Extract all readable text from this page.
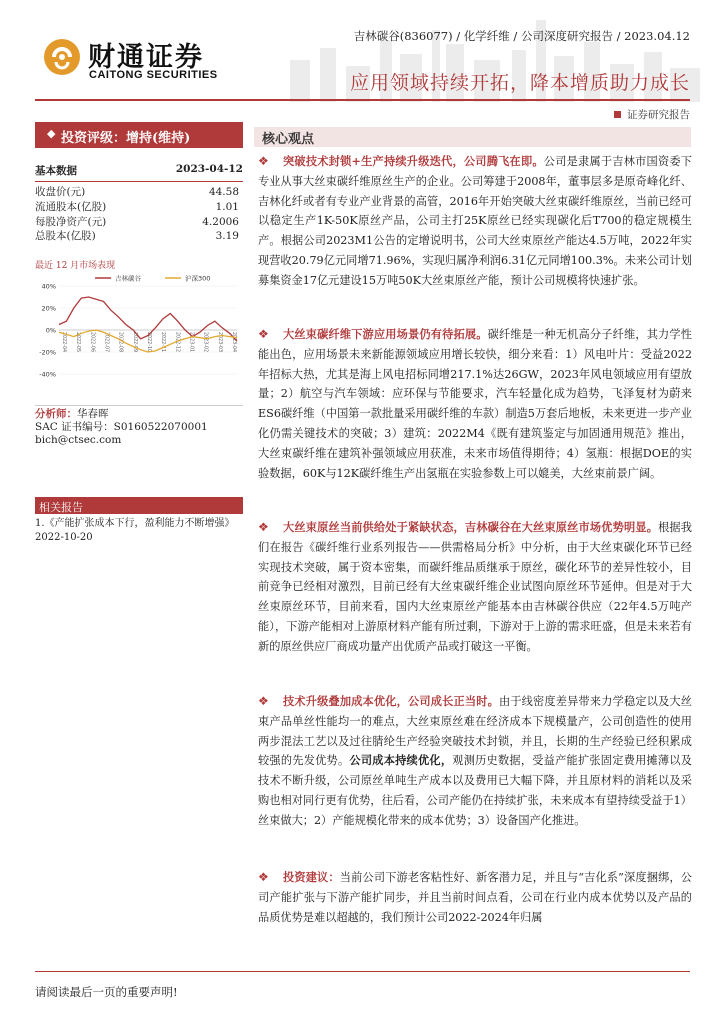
财通证券
CAITONG SECURITIES
吉林碳谷(836077) / 化学纤维 / 公司深度研究报告 / 2023.04.12
应用领域持续开拓，降本增质助力成长
证券研究报告
◆ 投资评级：增持(维持)
基本数据	2023-04-12
收盘价(元)	44.58
流通股本(亿股)	1.01
每股净资产(元)	4.2006
总股本(亿股)	3.19
最近 12 月市场表现
40%
20%
0%
-20%
-40%
2022-04 2022-05 2022-06 2022-07 2022-08 2022-09 2022-10 2022-11 2022-12 2023-01 2023-02 2023-03 2023-04
吉林碳谷	沪深300
分析师：华春晖
SAC 证书编号：S0160522070001
bich@ctsec.com
相关报告
1.《产能扩张成本下行，盈利能力不断增强》 2022-10-20
核心观点
❖	突破技术封锁+生产持续升级迭代，公司腾飞在即。公司是隶属于吉林市国资委下专业从事大丝束碳纤维原丝生产的企业。公司筹建于2008年，董事层多是原奇峰化纤、吉林化纤或者有专业产业背景的高管，2016年开始突破大丝束碳纤维原丝，当前已经可以稳定生产1K-50K原丝产品，公司主打25K原丝已经实现碳化后T700的稳定规模生产。根据公司2023M1公告的定增说明书，公司大丝束原丝产能达4.5万吨，2022年实现营收20.79亿元同增71.96%，实现归属净利润6.31亿元同增100.3%。未来公司计划募集资金17亿元建设15万吨50K大丝束原丝产能，预计公司规模将快速扩张。
❖	大丝束碳纤维下游应用场景仍有待拓展。碳纤维是一种无机高分子纤维，其力学性能出色，应用场景未来新能源领域应用增长较快，细分来看：1）风电叶片：受益2022年招标大热，尤其是海上风电招标同增217.1%达26GW，2023年风电领域应用有望放量；2）航空与汽车领域：应环保与节能要求，汽车轻量化成为趋势，飞泽复材为蔚来ES6碳纤维（中国第一款批量采用碳纤维的车款）制造5万套后地板，未来更进一步产业化仍需关键技术的突破；3）建筑：2022M4《既有建筑鉴定与加固通用规范》推出，大丝束碳纤维在建筑补强领域应用获准，未来市场值得期待；4）氢瓶：根据DOE的实验数据，60K与12K碳纤维生产出氢瓶在实验参数上可以媲美，大丝束前景广阔。
❖	大丝束原丝当前供给处于紧缺状态，吉林碳谷在大丝束原丝市场优势明显。根据我们在报告《碳纤维行业系列报告——供需格局分析》中分析，由于大丝束碳化环节已经实现技术突破，属于资本密集，而碳纤维品质继承于原丝，碳化环节的差异性较小，目前竞争已经相对激烈，目前已经有大丝束碳纤维企业试图向原丝环节延伸。但是对于大丝束原丝环节，目前来看，国内大丝束原丝产能基本由吉林碳谷供应（22年4.5万吨产能），下游产能相对上游原材料产能有所过剩，下游对于上游的需求旺盛，但是未来若有新的原丝供应厂商成功量产出优质产品或打破这一平衡。
❖	技术升级叠加成本优化，公司成长正当时。由于线密度差异带来力学稳定以及大丝束产品单丝性能均一的难点，大丝束原丝难在经济成本下规模量产，公司创造性的使用两步混法工艺以及过往腈纶生产经验突破技术封锁，并且，长期的生产经验已经积累成较强的先发优势。公司成本持续优化，观测历史数据，受益产能扩张固定费用摊薄以及技术不断升级，公司原丝单吨生产成本以及费用已大幅下降，并且原材料的消耗以及采购也相对同行更有优势，往后看，公司产能仍在持续扩张，未来成本有望持续受益于1）丝束做大；2）产能规模化带来的成本优势；3）设备国产化推进。
❖	投资建议：当前公司下游老客粘性好、新客潜力足，并且与“吉化系”深度捆绑，公司产能扩张与下游产能扩同步，并且当前时间点看，公司在行业内成本优势以及产品的品质优势是难以超越的，我们预计公司2022-2024年归属
请阅读最后一页的重要声明!
